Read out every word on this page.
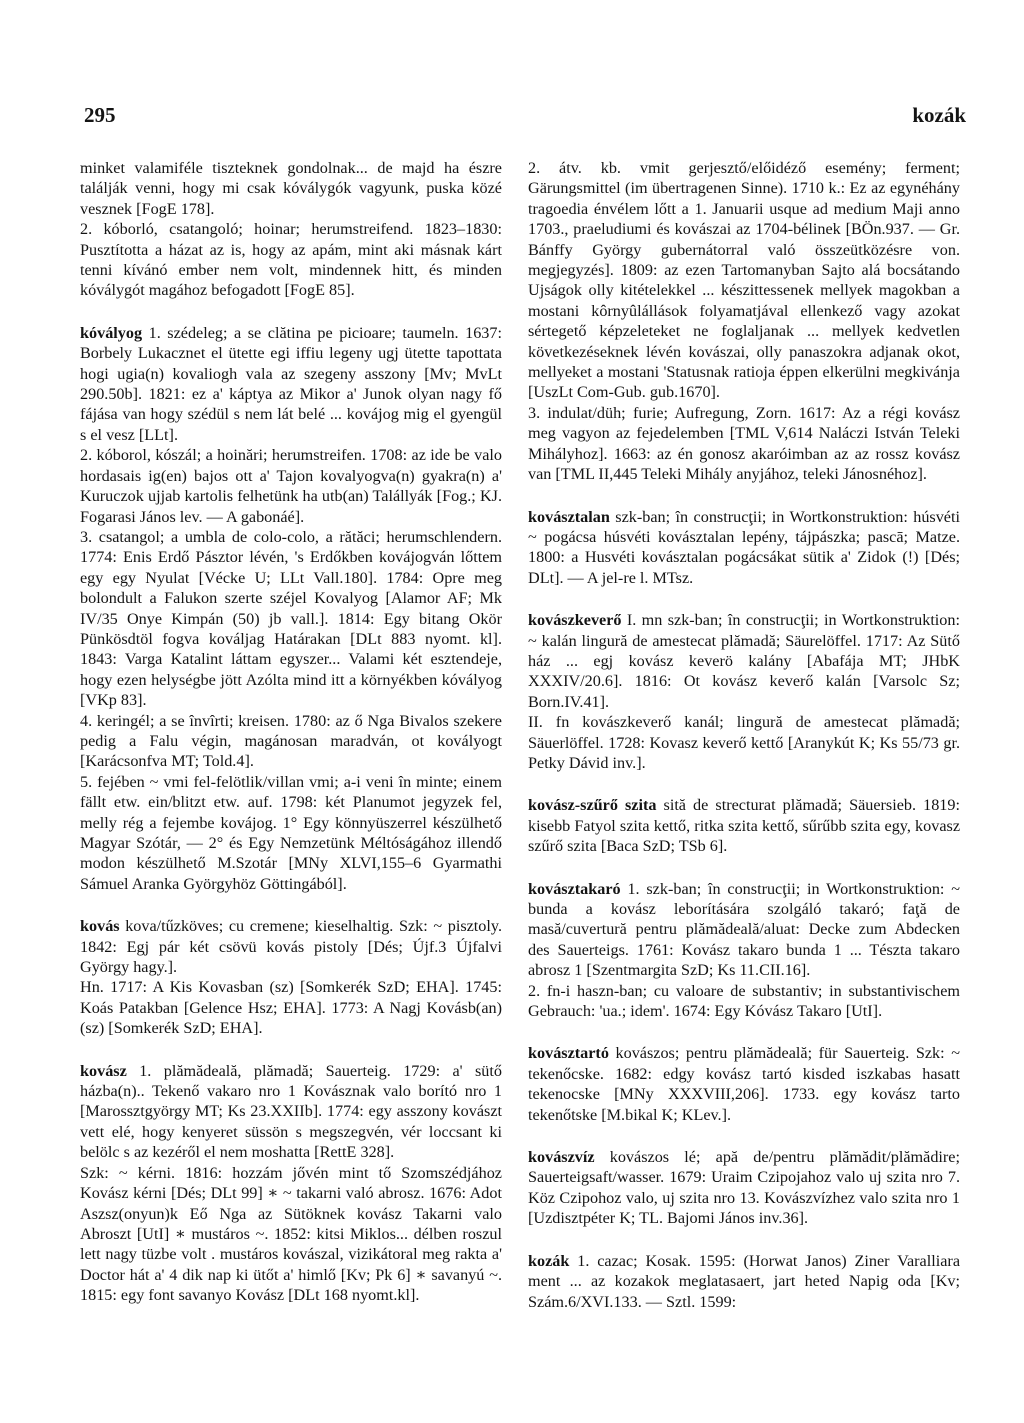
295	kozák

minket valamiféle tiszteknek gondolnak... de majd ha észre találják venni, hogy mi csak kóválygók vagyunk, puska közé vesznek [FogE 178].

2. kóborló, csatangoló; hoinar; herumstreifend. 1823–1830: Pusztította a házat az is, hogy az apám, mint aki másnak kárt tenni kívánó ember nem volt, mindennek hitt, és minden kóválygót magához befogadott [FogE 85].

kóvályog 1. szédeleg; a se clătina pe picioare; taumeln. 1637: Borbely Lukacznet el ütette egi iffiu legeny ugj ütette tapottata hogi ugia(n) kovaliogh vala az szegeny asszony [Mv; MvLt 290.50b]. 1821: ez a' káptya az Mikor a' Junok olyan nagy fő fájása van hogy szédül s nem lát belé ... kovájog mig el gyengül s el vesz [LLt].

2. kóborol, kószál; a hoinări; herumstreifen. 1708: az ide be valo hordasais ig(en) bajos ott a' Tajon kovalyogva(n) gyakra(n) a' Kuruczok ujjab kartolis felhetünk ha utb(an) Talállyák [Fog.; KJ. Fogarasi János lev. — A gabonáé].

3. csatangol; a umbla de colo-colo, a rătăci; herumschlendern. 1774: Enis Erdő Pásztor lévén, 's Erdőkben kovájogván lőttem egy egy Nyulat [Vécke U; LLt Vall.180]. 1784: Opre meg bolondult a Falukon szerte széjel Kovalyog [Alamor AF; Mk IV/35 Onye Kimpán (50) jb vall.]. 1814: Egy bitang Okör Pünkösdtöl fogva kováljag Határakan [DLt 883 nyomt. kl]. 1843: Varga Katalint láttam egyszer... Valami két esztendeje, hogy ezen helységbe jött Azólta mind itt a környékben kóvályog [VKp 83].

4. keringél; a se învîrti; kreisen. 1780: az ő Nga Bivalos szekere pedig a Falu végin, magánosan maradván, ot kovályogt [Karácsonfva MT; Told.4].

5. fejében ~ vmi fel-felötlik/villan vmi; a-i veni în minte; einem fällt etw. ein/blitzt etw. auf. 1798: két Planumot jegyzek fel, melly rég a fejembe kovájog. 1° Egy könnyüszerrel készülhető Magyar Szótár, — 2° és Egy Nemzetünk Méltóságához illendő modon készülhető M.Szotár [MNy XLVI,155–6 Gyarmathi Sámuel Aranka Györgyhöz Göttingából].

kovás kova/tűzköves; cu cremene; kieselhaltig. Szk: ~ pisztoly. 1842: Egj pár két csövü kovás pistoly [Dés; Újf.3 Újfalvi György hagy.].

Hn. 1717: A Kis Kovasban (sz) [Somkerék SzD; EHA]. 1745: Koás Patakban [Gelence Hsz; EHA]. 1773: A Nagj Kovásb(an) (sz) [Somkerék SzD; EHA].

kovász 1. plămădeală, plămadă; Sauerteig. 1729: a' sütő házba(n).. Tekenő vakaro nro 1 Kovásznak valo borító nro 1 [Marossztgyörgy MT; Ks 23.XXIIb]. 1774: egy asszony kovászt vett elé, hogy kenyeret süssön s megszegvén, vér loccsant ki belölc s az kezéről el nem moshatta [RettE 328].

Szk: ~ kérni. 1816: hozzám jővén mint tő Szomszédjához Kovász kérni [Dés; DLt 99] ∗ ~ takarni való abrosz. 1676: Adot Aszsz(onyun)k Eő Nga az Sütöknek kovász Takarni valo Abroszt [UtI] ∗ mustáros ~. 1852: kitsi Miklos... délben roszul lett nagy tüzbe volt . mustáros kovászal, vizikátoral meg rakta a' Doctor hát a' 4 dik nap ki ütőt a' himlő [Kv; Pk 6] ∗ savanyú ~. 1815: egy font savanyo Kovász [DLt 168 nyomt.kl].

2. átv. kb. vmit gerjesztő/előidéző esemény; ferment; Gärungsmittel (im übertragenen Sinne). 1710 k.: Ez az egynéhány tragoedia énvélem lőtt a 1. Januarii usque ad medium Maji anno 1703., praeludiumi és kovászai az 1704-bélinek [BÖn.937. — Gr. Bánffy György gubernátorral való összeütközésre von. megjegyzés]. 1809: az ezen Tartomanyban Sajto alá bocsátando Ujságok olly kitételekkel ... készittessenek mellyek magokban a mostani kôrnyûlállások folyamatjával ellenkező vagy azokat sértegető képzeleteket ne foglaljanak ... mellyek kedvetlen következéseknek lévén kovászai, olly panaszokra adjanak okot, mellyeket a mostani 'Statusnak ratioja éppen elkerülni megkivánja [UszLt Com-Gub. gub.1670].

3. indulat/düh; furie; Aufregung, Zorn. 1617: Az a régi kovász meg vagyon az fejedelemben [TML V,614 Naláczi István Teleki Mihályhoz]. 1663: az én gonosz akaróimban az az rossz kovász van [TML II,445 Teleki Mihály anyjához, teleki Jánosnéhoz].

kovásztalan szk-ban; în construcţii; in Wortkonstruktion: húsvéti ~ pogácsa húsvéti kovásztalan lepény, tájpászka; pascā; Matze. 1800: a Husvéti kovásztalan pogácsákat sütik a' Zidok (!) [Dés; DLt]. — A jel-re l. MTsz.

kovászkeverő I. mn szk-ban; în construcţii; in Wortkonstruktion: ~ kalán lingură de amestecat plămadă; Säurelöffel. 1717: Az Sütő ház ... egj kovász keverö kalány [Abafája MT; JHbK XXXIV/20.6]. 1816: Ot kovász keverő kalán [Varsolc Sz; Born.IV.41].

II. fn kovászkeverő kanál; lingură de amestecat plămadă; Säuerlöffel. 1728: Kovasz keverő kettő [Aranykút K; Ks 55/73 gr. Petky Dávid inv.].

kovász-szűrő szita sită de strecturat plămadă; Säuersieb. 1819: kisebb Fatyol szita kettő, ritka szita kettő, sűrűbb szita egy, kovasz szűrő szita [Baca SzD; TSb 6].

kovásztakaró 1. szk-ban; în construcţii; in Wortkonstruktion: ~ bunda a kovász leborítására szolgáló takaró; faţă de masă/cuvertură pentru plămădeală/aluat: Decke zum Abdecken des Sauerteigs. 1761: Kovász takaro bunda 1 ... Tészta takaro abrosz 1 [Szentmargita SzD; Ks 11.CII.16].

2. fn-i haszn-ban; cu valoare de substantiv; in substantivischem Gebrauch: 'ua.; idem'. 1674: Egy Kóvász Takaro [UtI].

kovásztartó kovászos; pentru plămădeală; für Sauerteig. Szk: ~ tekenőcske. 1682: edgy kovász tartó kisded iszkabas hasatt tekenocske [MNy XXXVIII,206]. 1733. egy kovász tarto tekenőtske [M.bikal K; KLev.].

kovászvíz kovászos lé; apă de/pentru plămădit/plămădire; Sauerteigsaft/wasser. 1679: Uraim Czipojahoz valo uj szita nro 7. Köz Czipohoz valo, uj szita nro 13. Kovászvízhez valo szita nro 1 [Uzdisztpéter K; TL. Bajomi János inv.36].

kozák 1. cazac; Kosak. 1595: (Horwat Janos) Ziner Varalliara ment ... az kozakok meglatasaert, jart heted Napig oda [Kv; Szám.6/XVI.133. — Sztl. 1599:
